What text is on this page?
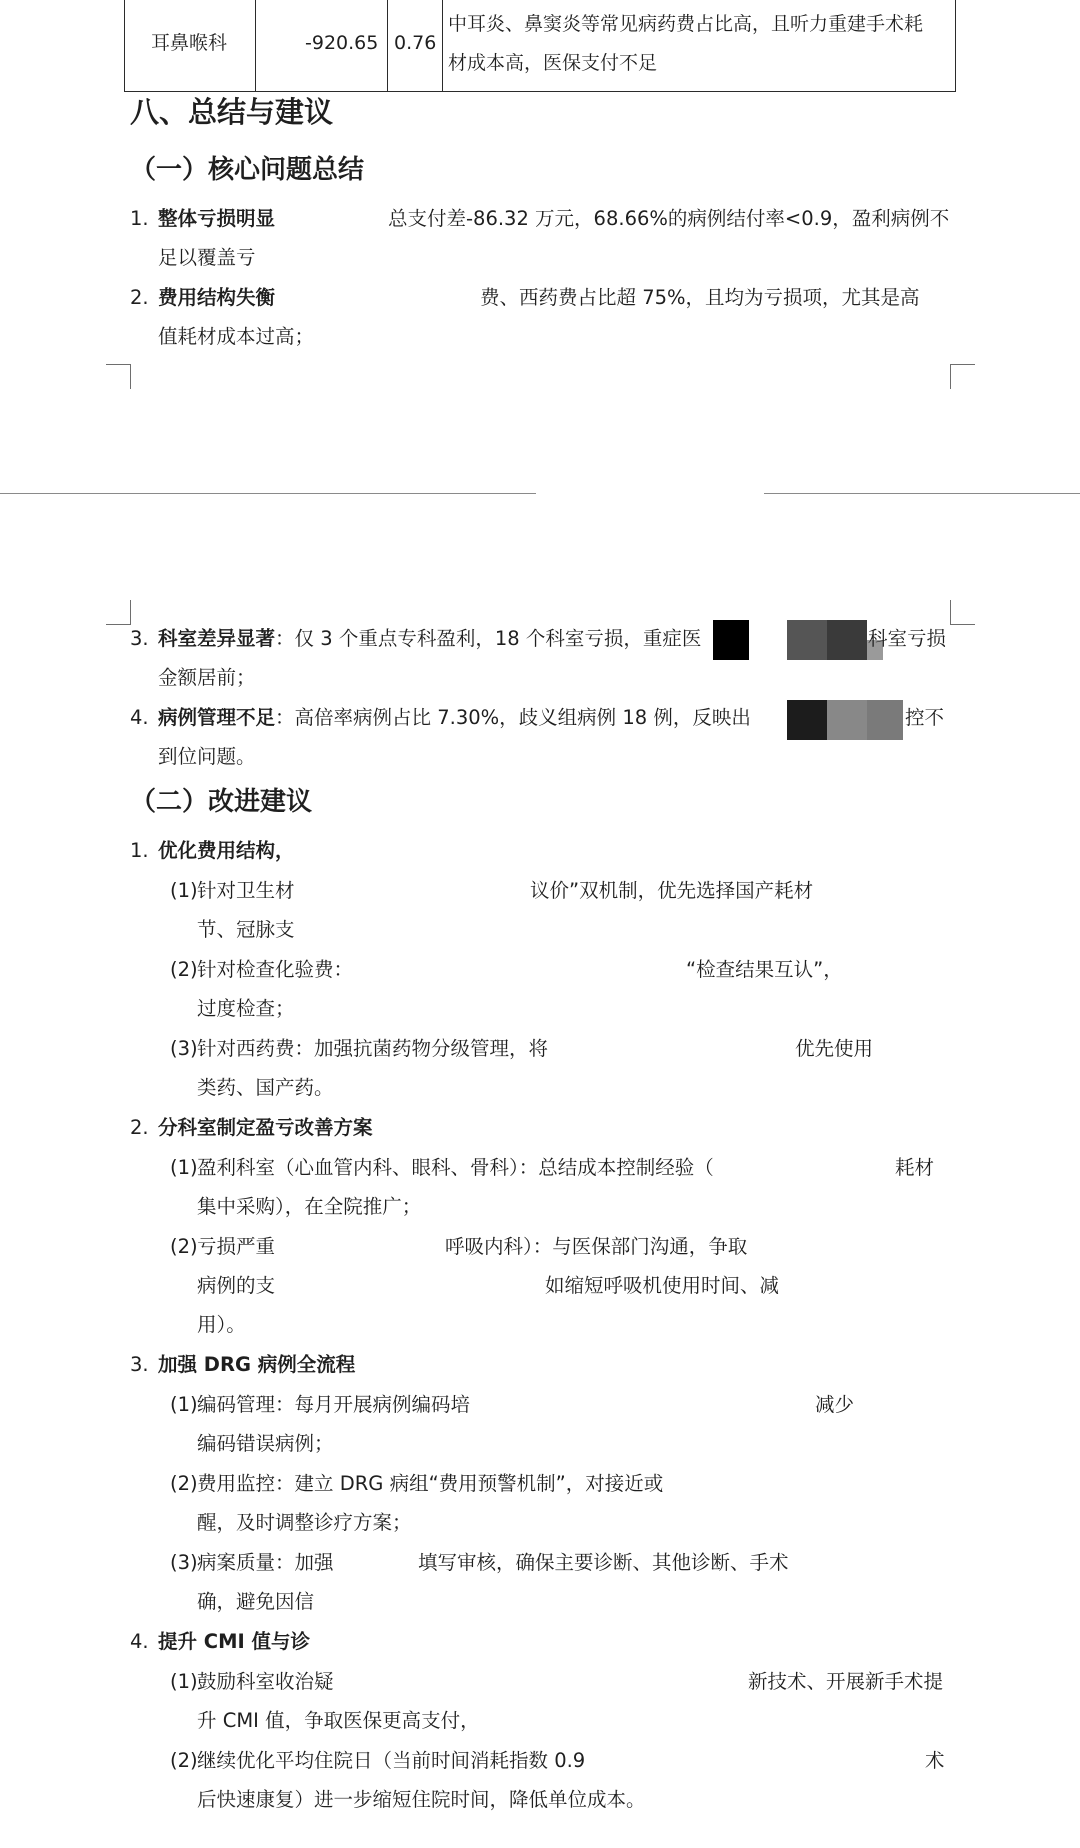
耳鼻喉科	-920.65 0.76
中耳炎、鼻窦炎等常见病药费占比高，且听力重建手术耗
材成本高，医保支付不足
八、总结与建议
（一）核心问题总结
1. 整体亏损明显	总支付差-86.32 万元，68.66%的病例结付率<0.9，盈利病例不
足以覆盖亏
2. 费用结构失衡	费、西药费占比超 75%，且均为亏损项，尤其是高
值耗材成本过高；
3. 科室差异显著：仅 3 个重点专科盈利，18 个科室亏损，重症医	科室亏损
金额居前；
4. 病例管理不足：高倍率病例占比 7.30%，歧义组病例 18 例，反映出	控不
到位问题。
（二）改进建议
1. 优化费用结构，
(1) 针对卫生材	议价”双机制，优先选择国产耗材
节、冠脉支
(2) 针对检查化验费：	“检查结果互认”，
过度检查；
(3) 针对西药费：加强抗菌药物分级管理，将	优先使用
类药、国产药。
2. 分科室制定盈亏改善方案
(1) 盈利科室（心血管内科、眼科、骨科）：总结成本控制经验（	耗材
集中采购），在全院推广；
(2) 亏损严重	呼吸内科）：与医保部门沟通，争取
病例的支	如缩短呼吸机使用时间、减
用）。
3. 加强 DRG 病例全流程
(1) 编码管理：每月开展病例编码培	减少
编码错误病例；
(2) 费用监控：建立 DRG 病组“费用预警机制”，对接近或
醒，及时调整诊疗方案；
(3) 病案质量：加强	填写审核，确保主要诊断、其他诊断、手术
确，避免因信
4. 提升 CMI 值与诊
(1) 鼓励科室收治疑	新技术、开展新手术提
升 CMI 值，争取医保更高支付，
(2) 继续优化平均住院日（当前时间消耗指数 0.9	术
后快速康复）进一步缩短住院时间，降低单位成本。
